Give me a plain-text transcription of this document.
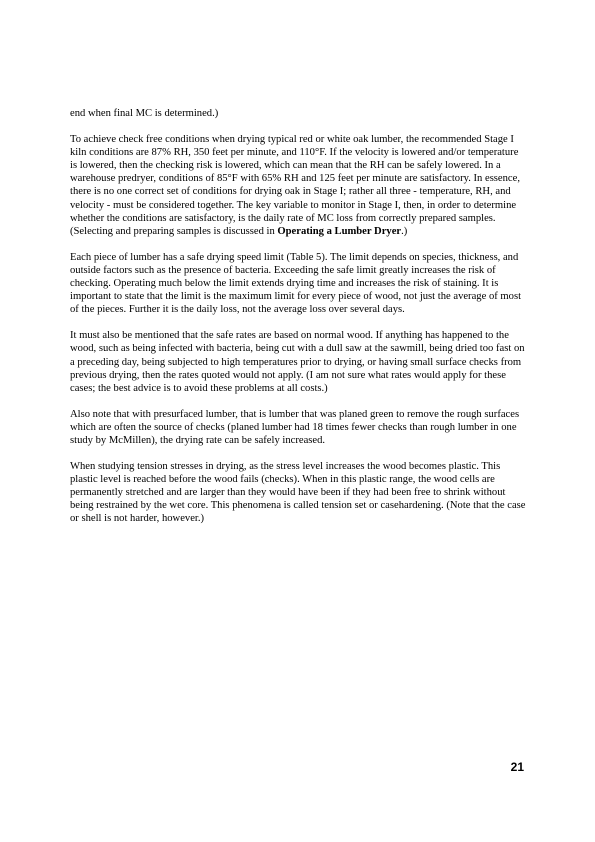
end when final MC is determined.)

To achieve check free conditions when drying typical red or white oak lumber, the recommended Stage I kiln conditions are 87% RH, 350 feet per minute, and 110°F. If the velocity is lowered and/or temperature is lowered, then the checking risk is lowered, which can mean that the RH can be safely lowered. In a warehouse predryer, conditions of 85°F with 65% RH and 125 feet per minute are satisfactory. In essence, there is no one correct set of conditions for drying oak in Stage I; rather all three - temperature, RH, and velocity - must be considered together. The key variable to monitor in Stage I, then, in order to determine whether the conditions are satisfactory, is the daily rate of MC loss from correctly prepared samples. (Selecting and preparing samples is discussed in Operating a Lumber Dryer.)

Each piece of lumber has a safe drying speed limit (Table 5). The limit depends on species, thickness, and outside factors such as the presence of bacteria. Exceeding the safe limit greatly increases the risk of checking. Operating much below the limit extends drying time and increases the risk of staining. It is important to state that the limit is the maximum limit for every piece of wood, not just the average of most of the pieces. Further it is the daily loss, not the average loss over several days.

It must also be mentioned that the safe rates are based on normal wood. If anything has happened to the wood, such as being infected with bacteria, being cut with a dull saw at the sawmill, being dried too fast on a preceding day, being subjected to high temperatures prior to drying, or having small surface checks from previous drying, then the rates quoted would not apply. (I am not sure what rates would apply for these cases; the best advice is to avoid these problems at all costs.)

Also note that with presurfaced lumber, that is lumber that was planed green to remove the rough surfaces which are often the source of checks (planed lumber had 18 times fewer checks than rough lumber in one study by McMillen), the drying rate can be safely increased.

When studying tension stresses in drying, as the stress level increases the wood becomes plastic. This plastic level is reached before the wood fails (checks). When in this plastic range, the wood cells are permanently stretched and are larger than they would have been if they had been free to shrink without being restrained by the wet core. This phenomena is called tension set or casehardening. (Note that the case or shell is not harder, however.)

21
